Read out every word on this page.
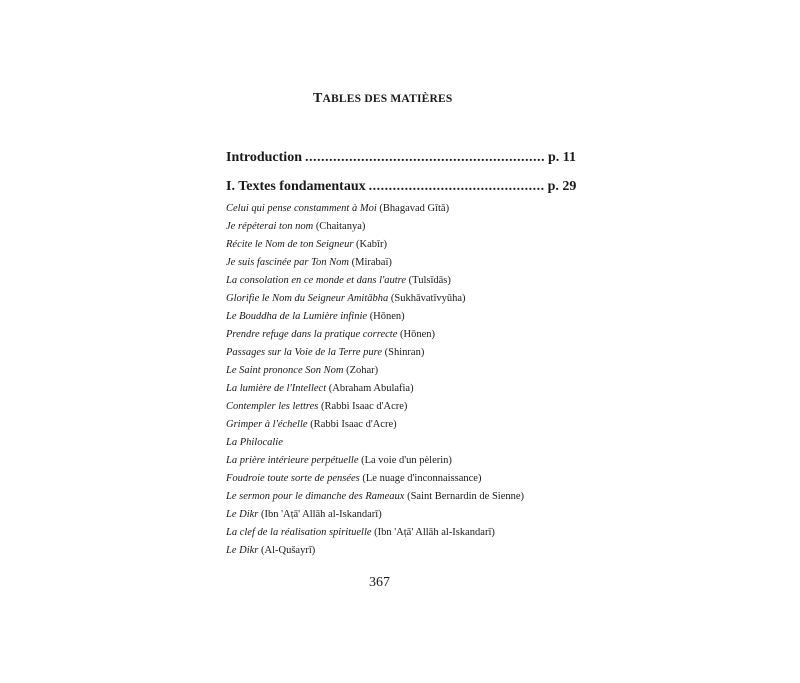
TABLES DES MATIÈRES
Introduction ............................................................ p. 11
I. Textes fondamentaux ............................................ p. 29
Celui qui pense constamment à Moi (Bhagavad Gītā)
Je répéterai ton nom (Chaitanya)
Récite le Nom de ton Seigneur (Kabīr)
Je suis fascinée par Ton Nom (Mirabaï)
La consolation en ce monde et dans l'autre (Tulsīdās)
Glorifie le Nom du Seigneur Amitābha (Sukhāvatīvyūha)
Le Bouddha de la Lumière infinie (Hōnen)
Prendre refuge dans la pratique correcte (Hōnen)
Passages sur la Voie de la Terre pure (Shinran)
Le Saint prononce Son Nom (Zohar)
La lumière de l'Intellect (Abraham Abulafia)
Contempler les lettres (Rabbi Isaac d'Acre)
Grimper à l'échelle (Rabbi Isaac d'Acre)
La Philocalie
La prière intérieure perpétuelle (La voie d'un pèlerin)
Foudroie toute sorte de pensées (Le nuage d'inconnaissance)
Le sermon pour le dimanche des Rameaux (Saint Bernardin de Sienne)
Le Dikr (Ibn 'Aṭā' Allāh al-Iskandarī)
La clef de la réalisation spirituelle (Ibn 'Aṭā' Allāh al-Iskandarī)
Le Dikr (Al-Qušayrī)
367
